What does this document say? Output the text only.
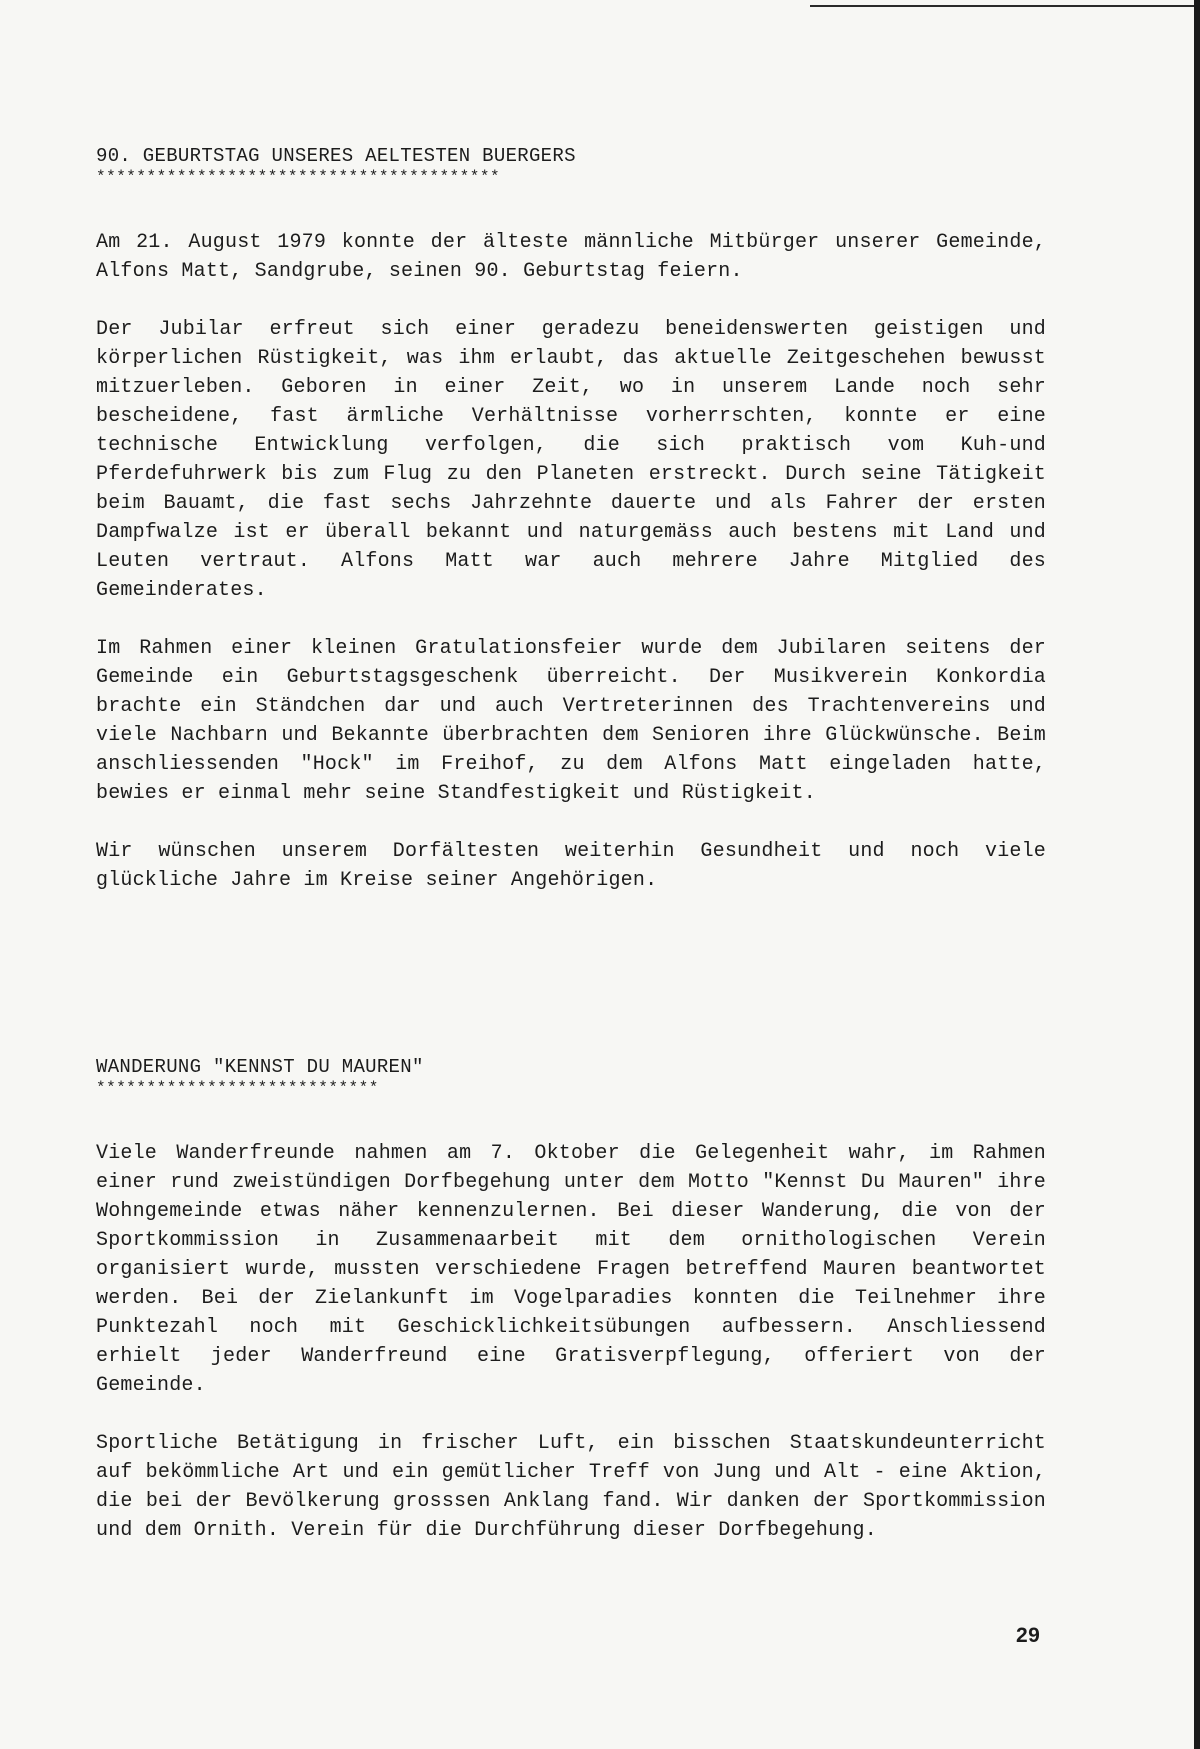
90. GEBURTSTAG UNSERES AELTESTEN BUERGERS
****************************************

Am 21. August 1979 konnte der älteste männliche Mitbürger unserer Gemeinde, Alfons Matt, Sandgrube, seinen 90. Geburtstag feiern.

Der Jubilar erfreut sich einer geradezu beneidenswerten geistigen und körperlichen Rüstigkeit, was ihm erlaubt, das aktuelle Zeitgeschehen bewusst mitzuerleben. Geboren in einer Zeit, wo in unserem Lande noch sehr bescheidene, fast ärmliche Verhältnisse vorherrschten, konnte er eine technische Entwicklung verfolgen, die sich praktisch vom Kuh-und Pferdefuhrwerk bis zum Flug zu den Planeten erstreckt. Durch seine Tätigkeit beim Bauamt, die fast sechs Jahrzehnte dauerte und als Fahrer der ersten Dampfwalze ist er überall bekannt und naturgemäss auch bestens mit Land und Leuten vertraut. Alfons Matt war auch mehrere Jahre Mitglied des Gemeinderates.

Im Rahmen einer kleinen Gratulationsfeier wurde dem Jubilaren seitens der Gemeinde ein Geburtstagsgeschenk überreicht. Der Musikverein Konkordia brachte ein Ständchen dar und auch Vertreterinnen des Trachtenvereins und viele Nachbarn und Bekannte überbrachten dem Senioren ihre Glückwünsche. Beim anschliessenden "Hock" im Freihof, zu dem Alfons Matt eingeladen hatte, bewies er einmal mehr seine Standfestigkeit und Rüstigkeit.

Wir wünschen unserem Dorfältesten weiterhin Gesundheit und noch viele glückliche Jahre im Kreise seiner Angehörigen.

WANDERUNG "KENNST DU MAUREN"
****************************

Viele Wanderfreunde nahmen am 7. Oktober die Gelegenheit wahr, im Rahmen einer rund zweistündigen Dorfbegehung unter dem Motto "Kennst Du Mauren" ihre Wohngemeinde etwas näher kennenzulernen. Bei dieser Wanderung, die von der Sportkommission in Zusammenaarbeit mit dem ornithologischen Verein organisiert wurde, mussten verschiedene Fragen betreffend Mauren beantwortet werden. Bei der Zielankunft im Vogelparadies konnten die Teilnehmer ihre Punktezahl noch mit Geschicklichkeitsübungen aufbessern. Anschliessend erhielt jeder Wanderfreund eine Gratisverpflegung, offeriert von der Gemeinde.

Sportliche Betätigung in frischer Luft, ein bisschen Staatskundeunterricht auf bekömmliche Art und ein gemütlicher Treff von Jung und Alt - eine Aktion, die bei der Bevölkerung grosssen Anklang fand. Wir danken der Sportkommission und dem Ornith. Verein für die Durchführung dieser Dorfbegehung.

29
